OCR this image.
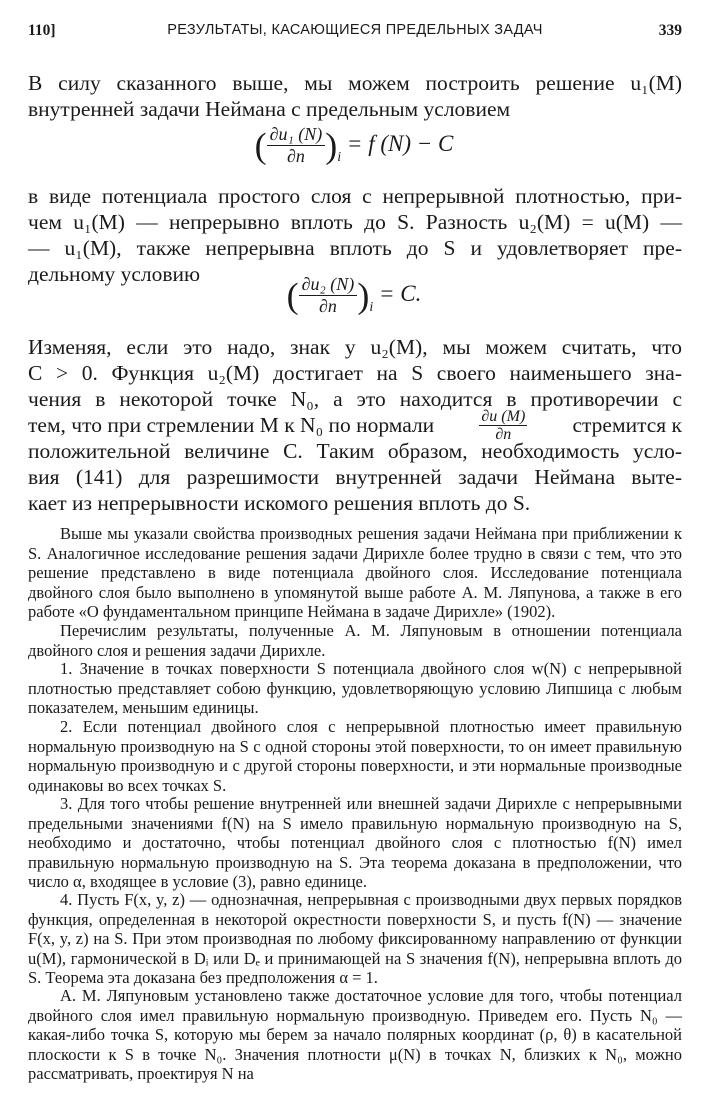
110]	РЕЗУЛЬТАТЫ, КАСАЮЩИЕСЯ ПРЕДЕЛЬНЫХ ЗАДАЧ	339
В силу сказанного выше, мы можем построить решение u₁(M)
внутренней задачи Неймана с предельным условием
( $\frac{\text{∂u₁ (N)}}{\partial n} )_i = f$ (N) − C
в виде потенциала простого слоя с непрерывной плотностью, при-
чем u₁(M) — непрерывно вплоть до S. Разность u₂(M) = u(M) —
— u₁(M), также непрерывна вплоть до S и удовлетворяет пре-
дельному условию
( $\frac{\text{∂u₂ (N)}}{\partial n} )_i = C$.
Изменяя, если это надо, знак у u₂(M), мы можем считать, что
C > 0. Функция u₂(M) достигает на S своего наименьшего зна-
чения в некоторой точке N₀, а это находится в противоречии с
тем, что при стремлении M к N₀ по нормали	$\frac{\partial u (M)}{\partial n}$ стремится к
положительной величине C. Таким образом, необходимость усло-
вия (141) для разрешимости внутренней задачи Неймана выте-
кает из непрерывности искомого решения вплоть до S.
Выше мы указали свойства производных решения задачи Неймана при приближении к S. Аналогичное исследование решения задачи Дирихле более трудно в связи с тем, что это решение представлено в виде потенциала двойного слоя. Исследование потенциала двойного слоя было выполнено в упомянутой выше работе А. М. Ляпунова, а также в его работе «О фундаментальном принципе Неймана в задаче Дирихле» (1902).
Перечислим результаты, полученные А. М. Ляпуновым в отношении потенциала двойного слоя и решения задачи Дирихле.
1. Значение в точках поверхности S потенциала двойного слоя w(N) с непрерывной плотностью представляет собою функцию, удовлетворяющую условию Липшица с любым показателем, меньшим единицы.
2. Если потенциал двойного слоя с непрерывной плотностью имеет правильную нормальную производную на S с одной стороны этой поверхности, то он имеет правильную нормальную производную и с другой стороны поверхности, и эти нормальные производные одинаковы во всех точках S.
3. Для того чтобы решение внутренней или внешней задачи Дирихле с непрерывными предельными значениями f(N) на S имело правильную нормальную производную на S, необходимо и достаточно, чтобы потенциал двойного слоя с плотностью f(N) имел правильную нормальную производную на S. Эта теорема доказана в предположении, что число α, входящее в условие (3), равно единице.
4. Пусть F(x, y, z) — однозначная, непрерывная с производными двух первых порядков функция, определенная в некоторой окрестности поверхности S, и пусть f(N) — значение F(x, y, z) на S. При этом производная по любому фиксированному направлению от функции u(M), гармонической в Dᵢ или Dₑ и принимающей на S значения f(N), непрерывна вплоть до S. Теорема эта доказана без предположения α = 1.
А. М. Ляпуновым установлено также достаточное условие для того, чтобы потенциал двойного слоя имел правильную нормальную производную. Приведем его. Пусть N₀ — какая-либо точка S, которую мы берем за начало полярных координат (ρ, θ) в касательной плоскости к S в точке N₀. Значения плотности μ(N) в точках N, близких к N₀, можно рассматривать, проектируя N на
